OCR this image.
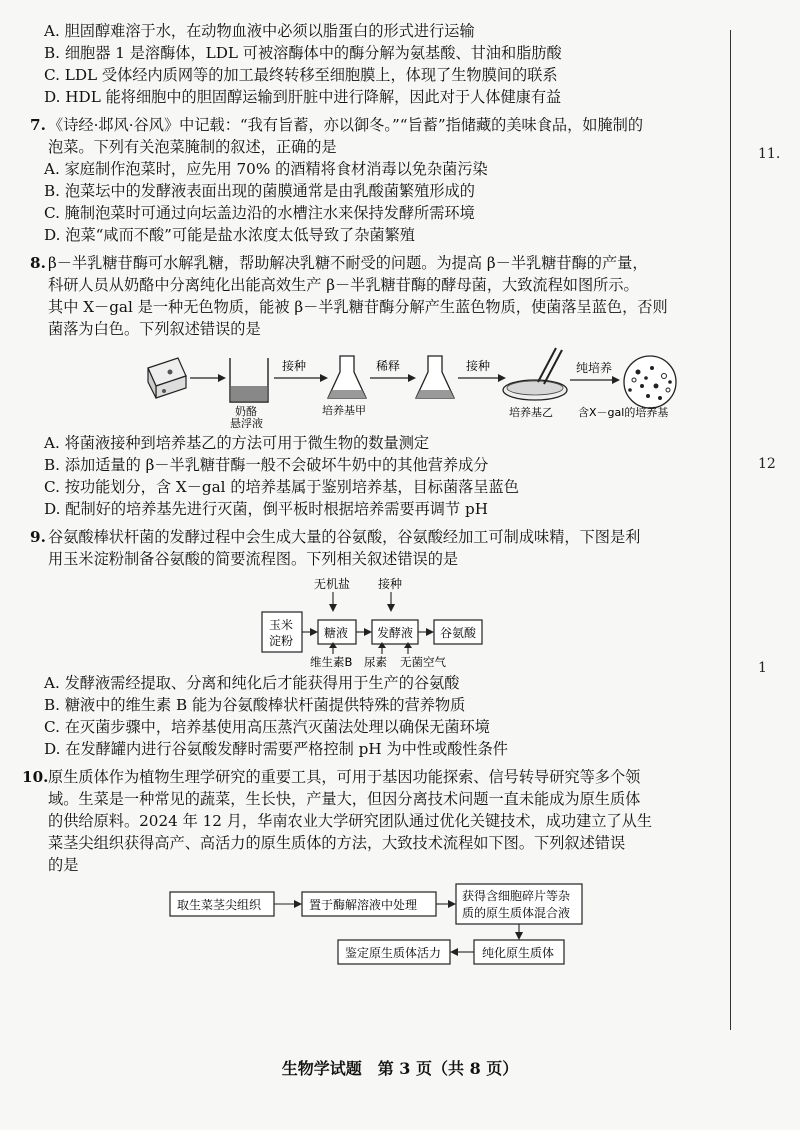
11.
12
1
A. 胆固醇难溶于水，在动物血液中必须以脂蛋白的形式进行运输
B. 细胞器 1 是溶酶体，LDL 可被溶酶体中的酶分解为氨基酸、甘油和脂肪酸
C. LDL 受体经内质网等的加工最终转移至细胞膜上，体现了生物膜间的联系
D. HDL 能将细胞中的胆固醇运输到肝脏中进行降解，因此对于人体健康有益
7. 《诗经·邶风·谷风》中记载：“我有旨蓄，亦以御冬。”“旨蓄”指储藏的美味食品，如腌制的
泡菜。下列有关泡菜腌制的叙述，正确的是
A. 家庭制作泡菜时，应先用 70% 的酒精将食材消毒以免杂菌污染
B. 泡菜坛中的发酵液表面出现的菌膜通常是由乳酸菌繁殖形成的
C. 腌制泡菜时可通过向坛盖边沿的水槽注水来保持发酵所需环境
D. 泡菜“咸而不酸”可能是盐水浓度太低导致了杂菌繁殖
8. β－半乳糖苷酶可水解乳糖，帮助解决乳糖不耐受的问题。为提高 β－半乳糖苷酶的产量，
科研人员从奶酪中分离纯化出能高效生产 β－半乳糖苷酶的酵母菌，大致流程如图所示。
其中 X－gal 是一种无色物质，能被 β－半乳糖苷酶分解产生蓝色物质，使菌落呈蓝色，否则
菌落为白色。下列叙述错误的是
奶酪
悬浮液
接种
培养基甲
稀释	接种
培养基乙
纯培养
含X－gal的培养基
A. 将菌液接种到培养基乙的方法可用于微生物的数量测定
B. 添加适量的 β－半乳糖苷酶一般不会破坏牛奶中的其他营养成分
C. 按功能划分，含 X－gal 的培养基属于鉴别培养基，目标菌落呈蓝色
D. 配制好的培养基先进行灭菌，倒平板时根据培养需要再调节 pH
9. 谷氨酸棒状杆菌的发酵过程中会生成大量的谷氨酸，谷氨酸经加工可制成味精，下图是利
用玉米淀粉制备谷氨酸的简要流程图。下列相关叙述错误的是
无机盐 接种
玉米
淀粉
糖液 发酵液 谷氨酸
维生素B 尿素 无菌空气
A. 发酵液需经提取、分离和纯化后才能获得用于生产的谷氨酸
B. 糖液中的维生素 B 能为谷氨酸棒状杆菌提供特殊的营养物质
C. 在灭菌步骤中，培养基使用高压蒸汽灭菌法处理以确保无菌环境
D. 在发酵罐内进行谷氨酸发酵时需要严格控制 pH 为中性或酸性条件
10. 原生质体作为植物生理学研究的重要工具，可用于基因功能探索、信号转导研究等多个领
域。生菜是一种常见的蔬菜，生长快，产量大，但因分离技术问题一直未能成为原生质体
的供给原料。2024 年 12 月，华南农业大学研究团队通过优化关键技术，成功建立了从生
菜茎尖组织获得高产、高活力的原生质体的方法，大致技术流程如下图。下列叙述错误
的是
取生菜茎尖组织	置于酶解溶液中处理
获得含细胞碎片等杂
质的原生质体混合液
纯化原生质体
鉴定原生质体活力
生物学试题　第 3 页（共 8 页）
